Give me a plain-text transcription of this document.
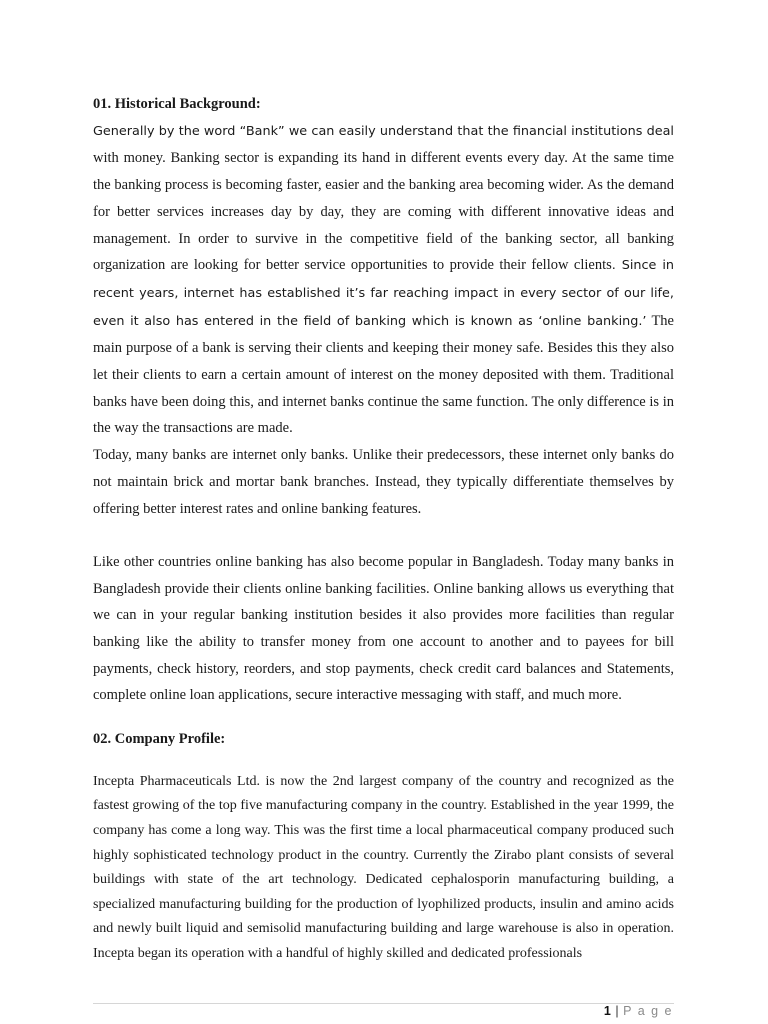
01. Historical Background:

Generally by the word “Bank” we can easily understand that the financial institutions deal with money. Banking sector is expanding its hand in different events every day. At the same time the banking process is becoming faster, easier and the banking area becoming wider. As the demand for better services increases day by day, they are coming with different innovative ideas and management. In order to survive in the competitive field of the banking sector, all banking organization are looking for better service opportunities to provide their fellow clients. Since in recent years, internet has established it’s far reaching impact in every sector of our life, even it also has entered in the field of banking which is known as ‘online banking.’ The main purpose of a bank is serving their clients and keeping their money safe. Besides this they also let their clients to earn a certain amount of interest on the money deposited with them. Traditional banks have been doing this, and internet banks continue the same function. The only difference is in the way the transactions are made.

Today, many banks are internet only banks. Unlike their predecessors, these internet only banks do not maintain brick and mortar bank branches. Instead, they typically differentiate themselves by offering better interest rates and online banking features.

Like other countries online banking has also become popular in Bangladesh. Today many banks in Bangladesh provide their clients online banking facilities. Online banking allows us everything that we can in your regular banking institution besides it also provides more facilities than regular banking like the ability to transfer money from one account to another and to payees for bill payments, check history, reorders, and stop payments, check credit card balances and Statements, complete online loan applications, secure interactive messaging with staff, and much more.

02. Company Profile:

Incepta Pharmaceuticals Ltd. is now the 2nd largest company of the country and recognized as the fastest growing of the top five manufacturing company in the country. Established in the year 1999, the company has come a long way. This was the first time a local pharmaceutical company produced such highly sophisticated technology product in the country. Currently the Zirabo plant consists of several buildings with state of the art technology. Dedicated cephalosporin manufacturing building, a specialized manufacturing building for the production of lyophilized products, insulin and amino acids and newly built liquid and semisolid manufacturing building and large warehouse is also in operation. Incepta began its operation with a handful of highly skilled and dedicated professionals

1 | P a g e
